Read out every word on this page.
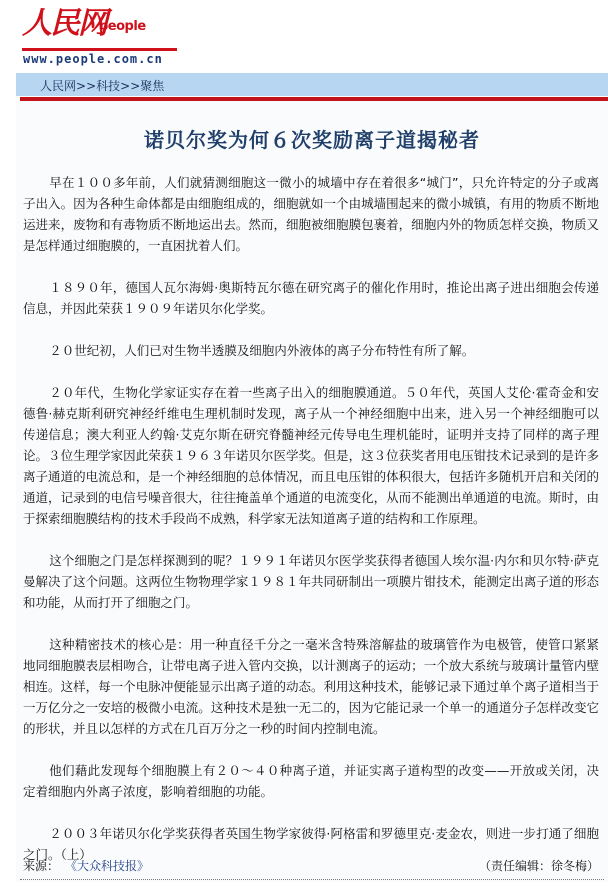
人民网
people
www.people.com.cn
人民网>>科技>>聚焦
诺贝尔奖为何６次奖励离子道揭秘者

早在１００多年前，人们就猜测细胞这一微小的城墙中存在着很多“城门”，只允许特定的分子或离子出入。因为各种生命体都是由细胞组成的，细胞就如一个由城墙围起来的微小城镇，有用的物质不断地运进来，废物和有毒物质不断地运出去。然而，细胞被细胞膜包裹着，细胞内外的物质怎样交换，物质又是怎样通过细胞膜的，一直困扰着人们。

１８９０年，德国人瓦尔海姆·奥斯特瓦尔德在研究离子的催化作用时，推论出离子进出细胞会传递信息，并因此荣获１９０９年诺贝尔化学奖。

２０世纪初，人们已对生物半透膜及细胞内外液体的离子分布特性有所了解。

２０年代，生物化学家证实存在着一些离子出入的细胞膜通道。５０年代，英国人艾伦·霍奇金和安德鲁·赫克斯利研究神经纤维电生理机制时发现，离子从一个神经细胞中出来，进入另一个神经细胞可以传递信息；澳大利亚人约翰·艾克尔斯在研究脊髓神经元传导电生理机能时，证明并支持了同样的离子理论。３位生理学家因此荣获１９６３年诺贝尔医学奖。但是，这３位获奖者用电压钳技术记录到的是许多离子通道的电流总和，是一个神经细胞的总体情况，而且电压钳的体积很大，包括许多随机开启和关闭的通道，记录到的电信号噪音很大，往往掩盖单个通道的电流变化，从而不能测出单通道的电流。斯时，由于探索细胞膜结构的技术手段尚不成熟，科学家无法知道离子道的结构和工作原理。

这个细胞之门是怎样探测到的呢？１９９１年诺贝尔医学奖获得者德国人埃尔温·内尔和贝尔特·萨克曼解决了这个问题。这两位生物物理学家１９８１年共同研制出一项膜片钳技术，能测定出离子道的形态和功能，从而打开了细胞之门。

这种精密技术的核心是：用一种直径千分之一毫米含特殊溶解盐的玻璃管作为电极管，使管口紧紧地同细胞膜表层相吻合，让带电离子进入管内交换，以计测离子的运动；一个放大系统与玻璃计量管内壁相连。这样，每一个电脉冲便能显示出离子道的动态。利用这种技术，能够记录下通过单个离子道相当于一万亿分之一安培的极微小电流。这种技术是独一无二的，因为它能记录一个单一的通道分子怎样改变它的形状，并且以怎样的方式在几百万分之一秒的时间内控制电流。

他们藉此发现每个细胞膜上有２０～４０种离子道，并证实离子道构型的改变——开放或关闭，决定着细胞内外离子浓度，影响着细胞的功能。

２００３年诺贝尔化学奖获得者英国生物学家彼得·阿格雷和罗德里克·麦金农，则进一步打通了细胞之门。（上）

来源： 《大众科技报》	（责任编辑：徐冬梅）
